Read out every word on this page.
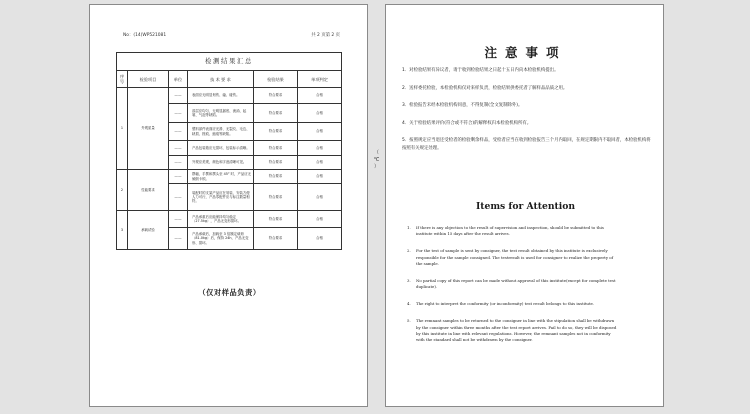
No：(14)WP521081	共 2 页第 2 页
检测结果汇总					
序号	检验项目	单位	技 术 要 求	检验结果	单项判定
1	外观质量	——	表面应无明显划伤、磕、碰伤。	符合要求	合格
		——	漆层应均匀，无明显漏底、流淌、起皱、气泡等缺陷。	符合要求	合格
		——	塑料部件表面应光滑、无裂纹、毛边、缺损、拨痕、缩痕等缺陷。	符合要求	合格
		——	产品包装箱应无损坏，包装标示清晰。	符合要求	合格
		——	外观应美观，颜色和字迹清晰可见。	符合要求	合格
2	性能要求	——	摆幅，手摆和摆头至 45° 时，产品应无倾倒卡顿。	符合要求	合格
		——	装配时的支架产品应在易装、安装方便人力可行，产品零配件应与标注数量相符。	符合要求	合格
3	承载试验	——	产品承重后应能保持均匀稳定（27.5kg），产品无变形损坏。	符合要求	合格
		——	产品承载后，加载至 3 倍额定载荷（81.0kg）后，保持 24h，产品无变形、损坏。	符合要求	合格
（仅对样品负责）
（ ℃ ）
注意事项
1．对检验结果有异议者，请于收到检验结果之日起十五日内向本检验机构提出。
2．送样委托检验，本检验机构仅对来样负责，检验结果供委托者了解样品品质之用。
3．检验报告未经本检验机构同意，不得复制(全文复制除外)。
4．关于检验结果评价(符合或不符合)的解释权归本检验机构所有。
5．按照规定应当退还受检者的检验剩余样品，受检者应当在收到检验报告三个月内取回，在规定期限内不取回者，本检验机构将按照有关规定处理。
Items for Attention
1. If there is any objection to the result of supervision and inspection, should be submitted to this
institute within 15 days after the result arrives.
2. For the test of sample is sent by consigner, the test result obtained by this institute is exclusively
responsible for the sample consigned. The testresult is used for consigner to realize the property of
the sample.
3. No partial copy of this report can be made without approval of this institute(except for complete test
duplicate).
4. The right to interpret the conformity (or inconformity) test result belongs to this institute.
5. The remnant samples to be returned to the consigner in line with the stipulation shall be withdrawn
by the consigner within three months after the test report arrives. Fail to do so, they will be disposed
by this institute in line with relevant regulations. However, the remnant samples not in conformity
with the standard shall not be withdrawn by the consigner.
